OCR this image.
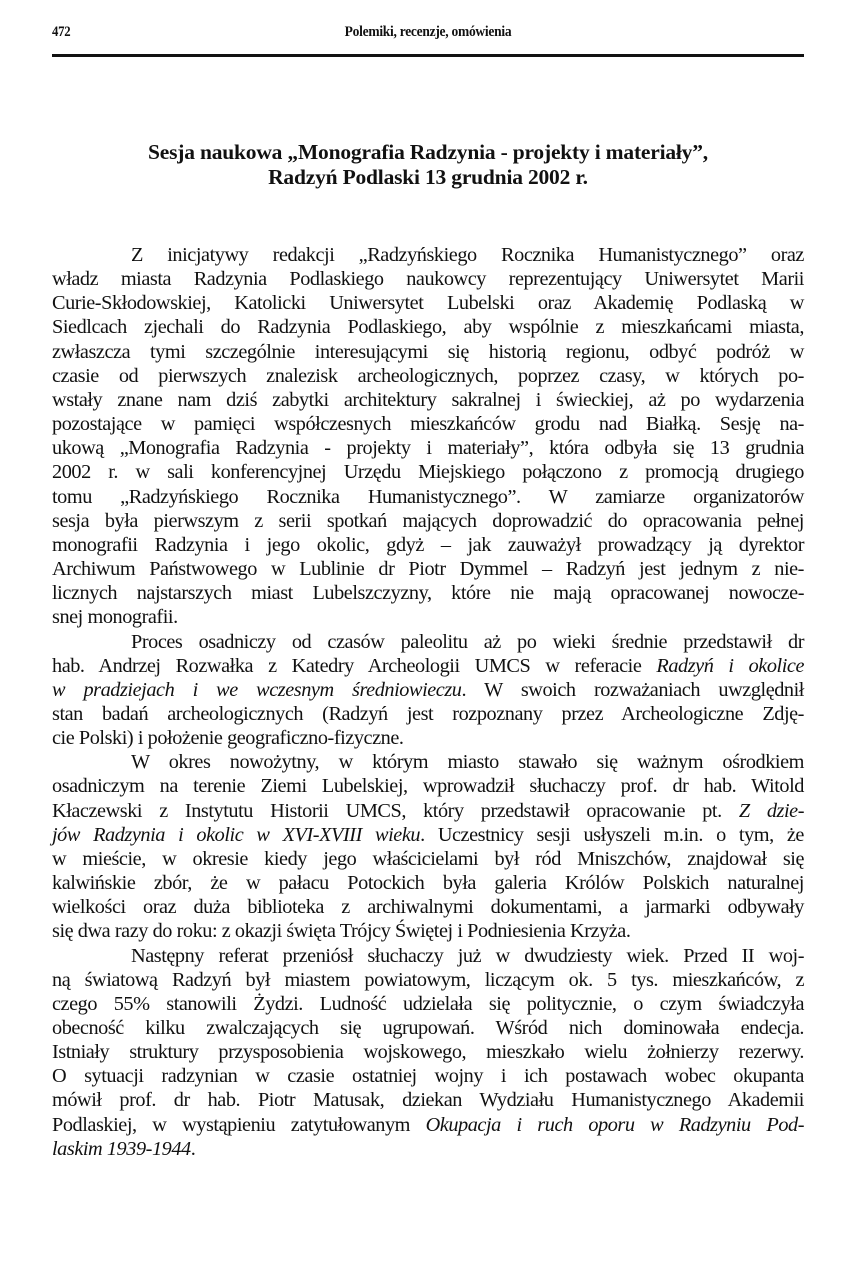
472	Polemiki, recenzje, omówienia
Sesja naukowa „Monografia Radzynia - projekty i materiały”,
Radzyń Podlaski 13 grudnia 2002 r.
Z inicjatywy redakcji „Radzyńskiego Rocznika Humanistycznego” oraz
władz miasta Radzynia Podlaskiego naukowcy reprezentujący Uniwersytet Marii
Curie-Skłodowskiej, Katolicki Uniwersytet Lubelski oraz Akademię Podlaską w
Siedlcach zjechali do Radzynia Podlaskiego, aby wspólnie z mieszkańcami miasta,
zwłaszcza tymi szczególnie interesującymi się historią regionu, odbyć podróż w
czasie od pierwszych znalezisk archeologicznych, poprzez czasy, w których po-
wstały znane nam dziś zabytki architektury sakralnej i świeckiej, aż po wydarzenia
pozostające w pamięci współczesnych mieszkańców grodu nad Białką. Sesję na-
ukową „Monografia Radzynia - projekty i materiały”, która odbyła się 13 grudnia
2002 r. w sali konferencyjnej Urzędu Miejskiego połączono z promocją drugiego
tomu „Radzyńskiego Rocznika Humanistycznego”. W zamiarze organizatorów
sesja była pierwszym z serii spotkań mających doprowadzić do opracowania pełnej
monografii Radzynia i jego okolic, gdyż – jak zauważył prowadzący ją dyrektor
Archiwum Państwowego w Lublinie dr Piotr Dymmel – Radzyń jest jednym z nie-
licznych najstarszych miast Lubelszczyzny, które nie mają opracowanej nowocze-
snej monografii.
Proces osadniczy od czasów paleolitu aż po wieki średnie przedstawił dr
hab. Andrzej Rozwałka z Katedry Archeologii UMCS w referacie Radzyń i okolice
w pradziejach i we wczesnym średniowieczu. W swoich rozważaniach uwzględnił
stan badań archeologicznych (Radzyń jest rozpoznany przez Archeologiczne Zdję-
cie Polski) i położenie geograficzno-fizyczne.
W okres nowożytny, w którym miasto stawało się ważnym ośrodkiem
osadniczym na terenie Ziemi Lubelskiej, wprowadził słuchaczy prof. dr hab. Witold
Kłaczewski z Instytutu Historii UMCS, który przedstawił opracowanie pt. Z dzie-
jów Radzynia i okolic w XVI-XVIII wieku. Uczestnicy sesji usłyszeli m.in. o tym, że
w mieście, w okresie kiedy jego właścicielami był ród Mniszchów, znajdował się
kalwińskie zbór, że w pałacu Potockich była galeria Królów Polskich naturalnej
wielkości oraz duża biblioteka z archiwalnymi dokumentami, a jarmarki odbywały
się dwa razy do roku: z okazji święta Trójcy Świętej i Podniesienia Krzyża.
Następny referat przeniósł słuchaczy już w dwudziesty wiek. Przed II woj-
ną światową Radzyń był miastem powiatowym, liczącym ok. 5 tys. mieszkańców, z
czego 55% stanowili Żydzi. Ludność udzielała się politycznie, o czym świadczyła
obecność kilku zwalczających się ugrupowań. Wśród nich dominowała endecja.
Istniały struktury przysposobienia wojskowego, mieszkało wielu żołnierzy rezerwy.
O sytuacji radzynian w czasie ostatniej wojny i ich postawach wobec okupanta
mówił prof. dr hab. Piotr Matusak, dziekan Wydziału Humanistycznego Akademii
Podlaskiej, w wystąpieniu zatytułowanym Okupacja i ruch oporu w Radzyniu Pod-
laskim 1939-1944.
